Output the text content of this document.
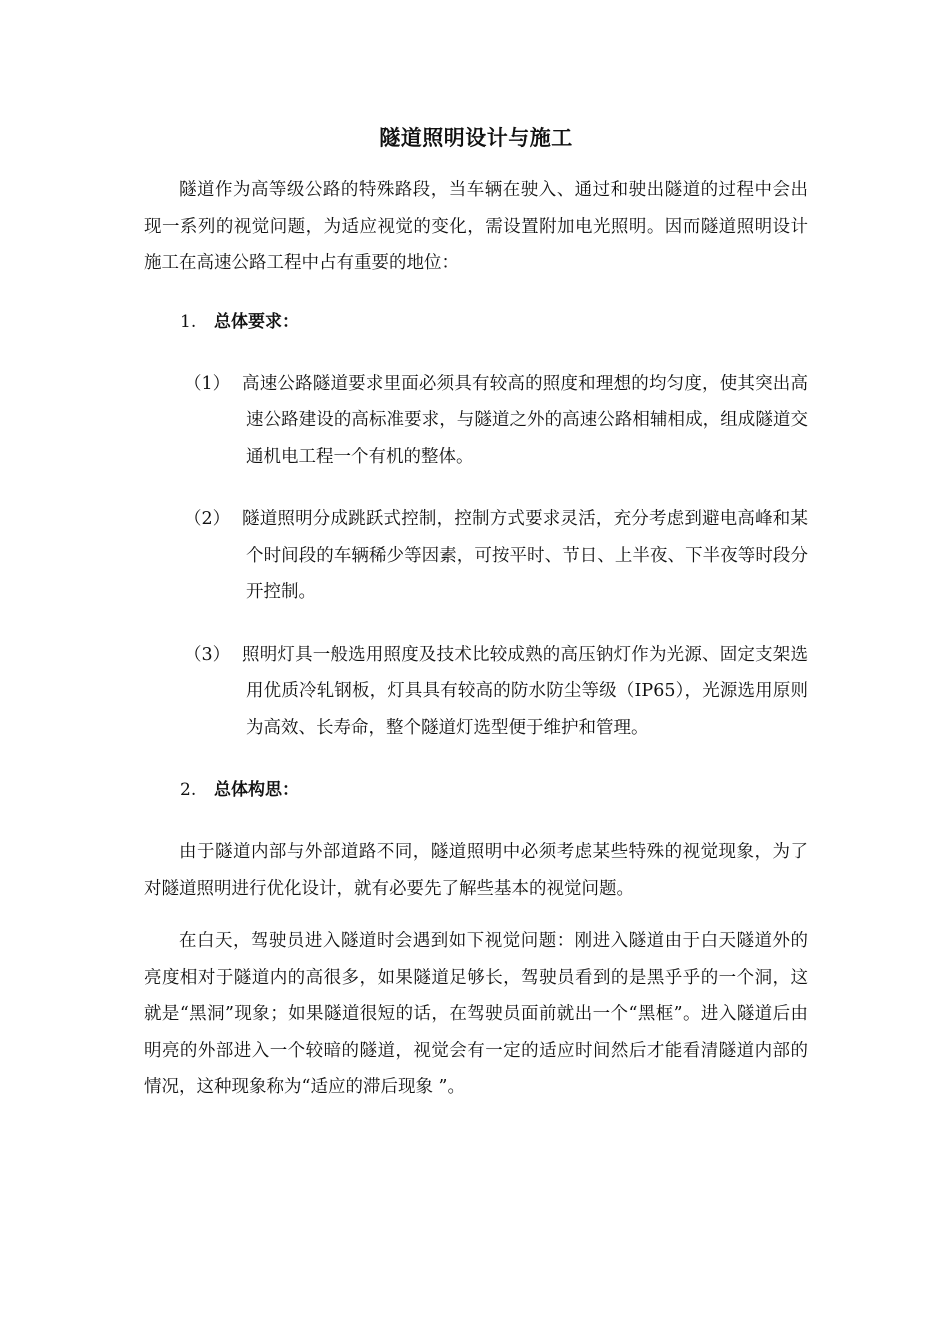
隧道照明设计与施工

隧道作为高等级公路的特殊路段，当车辆在驶入、通过和驶出隧道的过程中会出现一系列的视觉问题，为适应视觉的变化，需设置附加电光照明。因而隧道照明设计施工在高速公路工程中占有重要的地位：

1. 总体要求：
（1） 高速公路隧道要求里面必须具有较高的照度和理想的均匀度，使其突出高速公路建设的高标准要求，与隧道之外的高速公路相辅相成，组成隧道交通机电工程一个有机的整体。
（2） 隧道照明分成跳跃式控制，控制方式要求灵活，充分考虑到避电高峰和某个时间段的车辆稀少等因素，可按平时、节日、上半夜、下半夜等时段分开控制。
（3） 照明灯具一般选用照度及技术比较成熟的高压钠灯作为光源、固定支架选用优质冷轧钢板，灯具具有较高的防水防尘等级（IP65），光源选用原则为高效、长寿命，整个隧道灯选型便于维护和管理。
2. 总体构思：

由于隧道内部与外部道路不同，隧道照明中必须考虑某些特殊的视觉现象，为了对隧道照明进行优化设计，就有必要先了解些基本的视觉问题。

在白天，驾驶员进入隧道时会遇到如下视觉问题：刚进入隧道由于白天隧道外的亮度相对于隧道内的高很多，如果隧道足够长，驾驶员看到的是黑乎乎的一个洞，这就是“黑洞”现象；如果隧道很短的话，在驾驶员面前就出一个“黑框”。进入隧道后由明亮的外部进入一个较暗的隧道，视觉会有一定的适应时间然后才能看清隧道内部的情况，这种现象称为“适应的滞后现象 ”。
